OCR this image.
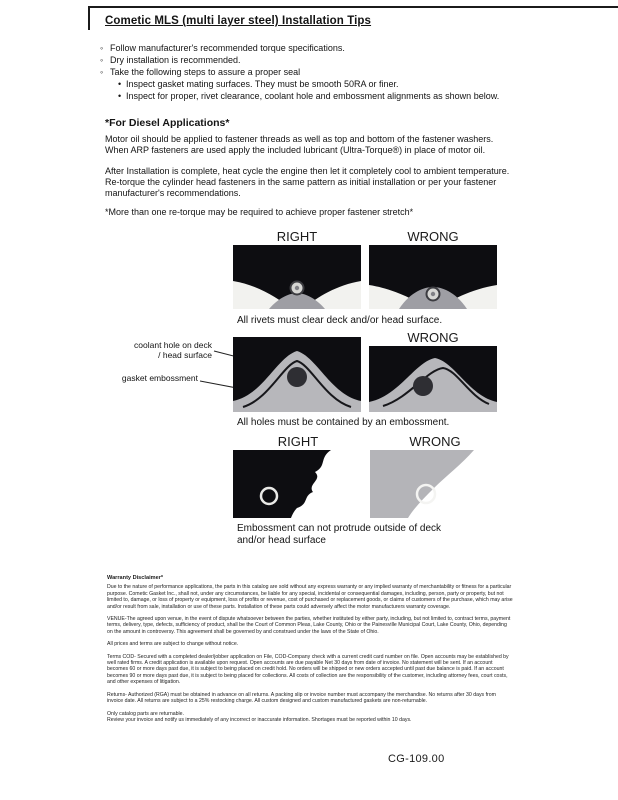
Cometic MLS (multi layer steel) Installation Tips
◦ Follow manufacturer's recommended torque specifications.
◦ Dry installation is recommended.
◦ Take the following steps to assure a proper seal
• Inspect gasket mating surfaces. They must be smooth 50RA or finer.
• Inspect for proper, rivet clearance, coolant hole and embossment alignments as shown below.
*For Diesel Applications*
Motor oil should be applied to fastener threads as well as top and bottom of the fastener washers. When ARP fasteners are used apply the included lubricant (Ultra-Torque®) in place of motor oil.
After Installation is complete, heat cycle the engine then let it completely cool to ambient temperature. Re-torque the cylinder head fasteners in the same pattern as initial installation or per your fastener manufacturer's recommendations.
*More than one re-torque may be required to achieve proper fastener stretch*
RIGHT	WRONG
All rivets must clear deck and/or head surface.
WRONG
coolant hole on deck / head surface
gasket embossment
All holes must be contained by an embossment.
RIGHT	WRONG
Embossment can not protrude outside of deck and/or head surface
Warranty Disclaimer*
Due to the nature of performance applications, the parts in this catalog are sold without any express warranty or any implied warranty of merchantability or fitness for a particular purpose. Cometic Gasket Inc., shall not, under any circumstances, be liable for any special, incidental or consequential damages, including, person, party or property, but not limited to, damage, or loss of property or equipment, loss of profits or revenue, cost of purchased or replacement goods, or claims of customers of the purchase, which may arise and/or result from sale, installation or use of these parts. Installation of these parts could adversely affect the motor manufacturers warranty coverage.
VENUE-The agreed upon venue, in the event of dispute whatsoever between the parties, whether instituted by either party, including, but not limited to, contract terms, payment terms, delivery, type, defects, sufficiency of product, shall be the Court of Common Pleas, Lake County, Ohio or the Painesville Municipal Court, Lake County, Ohio, depending on the amount in controversy. This agreement shall be governed by and construed under the laws of the State of Ohio.
All prices and terms are subject to change without notice.
Terms COD- Secured with a completed dealer/jobber application on File, COD-Company check with a current credit card number on file. Open accounts may be established by well rated firms. A credit application is available upon request. Open accounts are due payable Net 30 days from date of invoice. No statement will be sent. If an account becomes 60 or more days past due, it is subject to being placed on credit hold. No orders will be shipped or new orders accepted until past due balance is paid. If an account becomes 90 or more days past due, it is subject to being placed for collections. All costs of collection are the responsibility of the customer, including attorney fees, court costs, and other expenses of litigation.
Returns- Authorized (RGA) must be obtained in advance on all returns. A packing slip or invoice number must accompany the merchandise. No returns after 30 days from invoice date. All returns are subject to a 25% restocking charge. All custom designed and custom manufactured gaskets are non-returnable.
Only catalog parts are returnable.
Review your invoice and notify us immediately of any incorrect or inaccurate information. Shortages must be reported within 10 days.
CG-109.00
